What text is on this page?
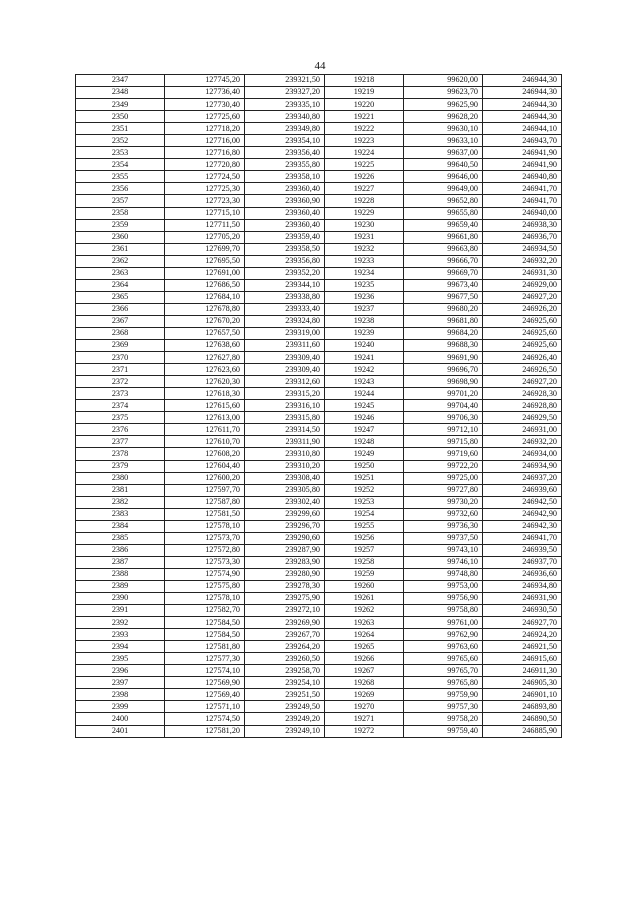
44
2347	127745,20	239321,50	19218	99620,00	246944,30
2348	127736,40	239327,20	19219	99623,70	246944,30
2349	127730,40	239335,10	19220	99625,90	246944,30
2350	127725,60	239340,80	19221	99628,20	246944,30
2351	127718,20	239349,80	19222	99630,10	246944,10
2352	127716,00	239354,10	19223	99633,10	246943,70
2353	127716,80	239356,40	19224	99637,00	246941,90
2354	127720,80	239355,80	19225	99640,50	246941,90
2355	127724,50	239358,10	19226	99646,00	246940,80
2356	127725,30	239360,40	19227	99649,00	246941,70
2357	127723,30	239360,90	19228	99652,80	246941,70
2358	127715,10	239360,40	19229	99655,80	246940,00
2359	127711,50	239360,40	19230	99659,40	246938,30
2360	127705,20	239359,40	19231	99661,80	246936,70
2361	127699,70	239358,50	19232	99663,80	246934,50
2362	127695,50	239356,80	19233	99666,70	246932,20
2363	127691,00	239352,20	19234	99669,70	246931,30
2364	127686,50	239344,10	19235	99673,40	246929,00
2365	127684,10	239338,80	19236	99677,50	246927,20
2366	127678,80	239333,40	19237	99680,20	246926,20
2367	127670,20	239324,80	19238	99681,80	246925,60
2368	127657,50	239319,00	19239	99684,20	246925,60
2369	127638,60	239311,60	19240	99688,30	246925,60
2370	127627,80	239309,40	19241	99691,90	246926,40
2371	127623,60	239309,40	19242	99696,70	246926,50
2372	127620,30	239312,60	19243	99698,90	246927,20
2373	127618,30	239315,20	19244	99701,20	246928,30
2374	127615,60	239316,10	19245	99704,40	246928,80
2375	127613,00	239315,80	19246	99706,30	246929,50
2376	127611,70	239314,50	19247	99712,10	246931,00
2377	127610,70	239311,90	19248	99715,80	246932,20
2378	127608,20	239310,80	19249	99719,60	246934,00
2379	127604,40	239310,20	19250	99722,20	246934,90
2380	127600,20	239308,40	19251	99725,00	246937,20
2381	127597,70	239305,80	19252	99727,80	246939,60
2382	127587,80	239302,40	19253	99730,20	246942,50
2383	127581,50	239299,60	19254	99732,60	246942,90
2384	127578,10	239296,70	19255	99736,30	246942,30
2385	127573,70	239290,60	19256	99737,50	246941,70
2386	127572,80	239287,90	19257	99743,10	246939,50
2387	127573,30	239283,90	19258	99746,10	246937,70
2388	127574,90	239280,90	19259	99748,80	246936,60
2389	127575,80	239278,30	19260	99753,00	246934,80
2390	127578,10	239275,90	19261	99756,90	246931,90
2391	127582,70	239272,10	19262	99758,80	246930,50
2392	127584,50	239269,90	19263	99761,00	246927,70
2393	127584,50	239267,70	19264	99762,90	246924,20
2394	127581,80	239264,20	19265	99763,60	246921,50
2395	127577,30	239260,50	19266	99765,60	246915,60
2396	127574,10	239258,70	19267	99765,70	246911,30
2397	127569,90	239254,10	19268	99765,80	246905,30
2398	127569,40	239251,50	19269	99759,90	246901,10
2399	127571,10	239249,50	19270	99757,30	246893,80
2400	127574,50	239249,20	19271	99758,20	246890,50
2401	127581,20	239249,10	19272	99759,40	246885,90
